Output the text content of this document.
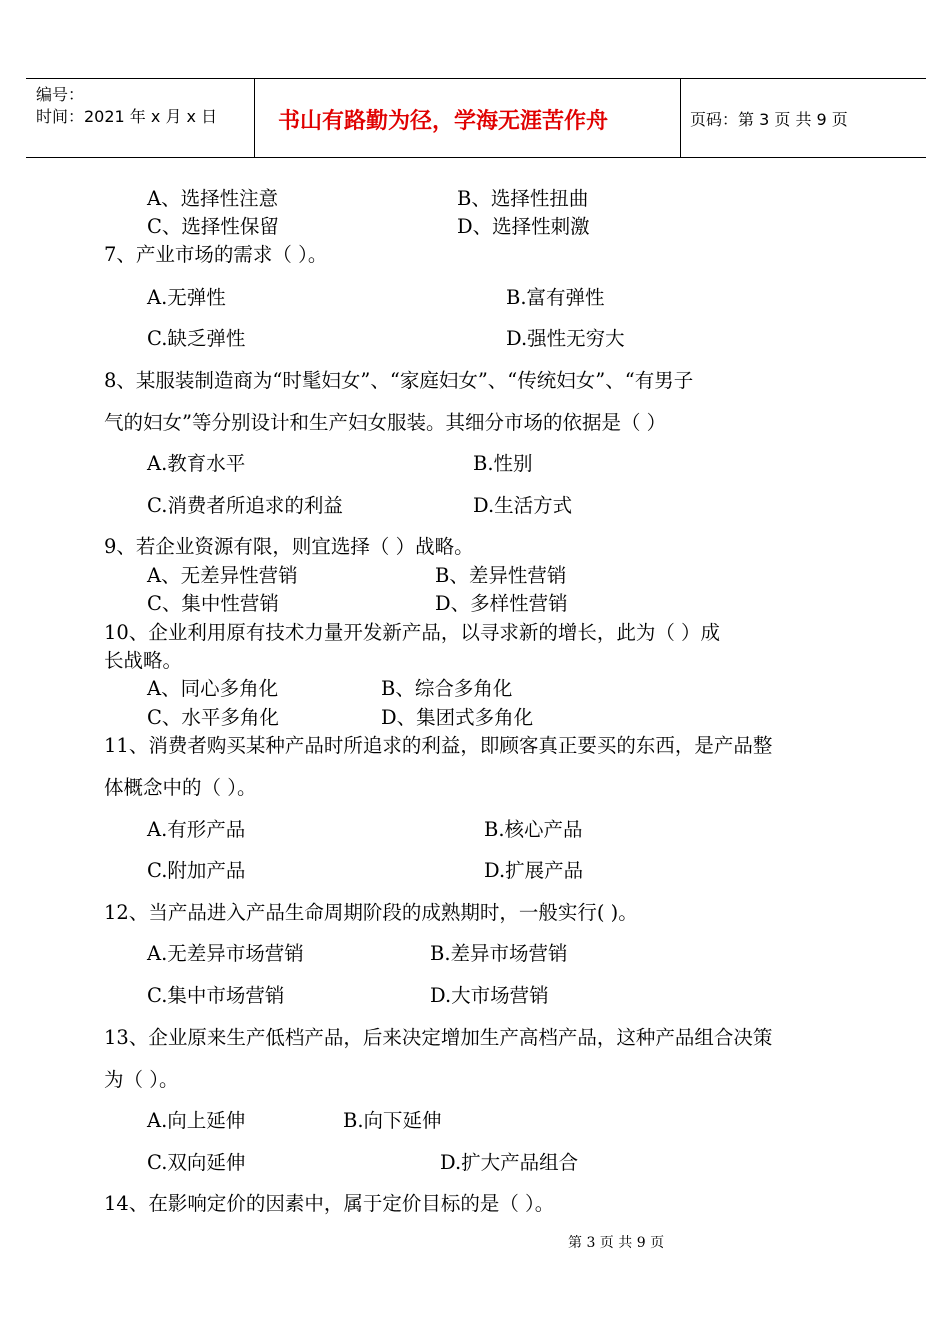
编号：
时间：2021 年 x 月 x 日	书山有路勤为径，学海无涯苦作舟	页码：第 3 页 共 9 页
A、选择性注意	B、选择性扭曲
C、选择性保留	D、选择性刺激
7、产业市场的需求（ ）。
A.无弹性	B.富有弹性
C.缺乏弹性	D.强性无穷大
8、某服装制造商为“时髦妇女”、“家庭妇女”、“传统妇女”、“有男子
气的妇女”等分别设计和生产妇女服装。其细分市场的依据是（ ）
A.教育水平	B.性别
C.消费者所追求的利益	D.生活方式
9、若企业资源有限，则宜选择（ ）战略。
A、无差异性营销	B、差异性营销
C、集中性营销	D、多样性营销
10、企业利用原有技术力量开发新产品，以寻求新的增长，此为（ ）成
长战略。
A、同心多角化	B、综合多角化
C、水平多角化	D、集团式多角化
11、消费者购买某种产品时所追求的利益，即顾客真正要买的东西，是产品整
体概念中的（ ）。
A.有形产品	B.核心产品
C.附加产品	D.扩展产品
12、当产品进入产品生命周期阶段的成熟期时，一般实行( )。
A.无差异市场营销	B.差异市场营销
C.集中市场营销	D.大市场营销
13、企业原来生产低档产品，后来决定增加生产高档产品，这种产品组合决策
为（ ）。
A.向上延伸	B.向下延伸
C.双向延伸	D.扩大产品组合
14、在影响定价的因素中，属于定价目标的是（ ）。
第 3 页 共 9 页
